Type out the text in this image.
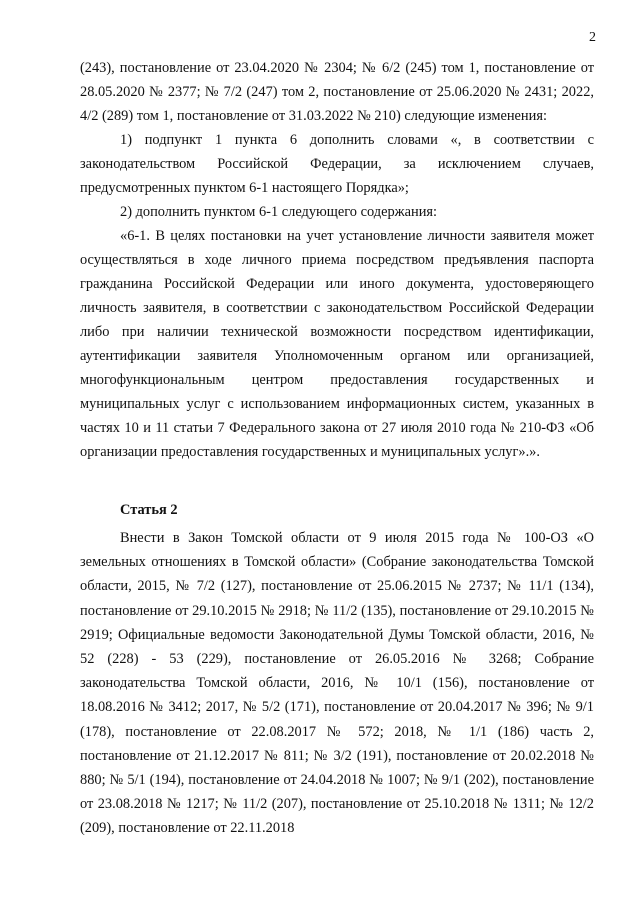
2

(243), постановление от 23.04.2020 № 2304; № 6/2 (245) том 1, постановление от 28.05.2020 № 2377; № 7/2 (247) том 2, постановление от 25.06.2020 № 2431; 2022, 4/2 (289) том 1, постановление от 31.03.2022 № 210) следующие изменения:

1) подпункт 1 пункта 6 дополнить словами «, в соответствии с законодательством Российской Федерации, за исключением случаев, предусмотренных пунктом 6-1 настоящего Порядка»;

2) дополнить пунктом 6-1 следующего содержания:

«6-1. В целях постановки на учет установление личности заявителя может осуществляться в ходе личного приема посредством предъявления паспорта гражданина Российской Федерации или иного документа, удостоверяющего личность заявителя, в соответствии с законодательством Российской Федерации либо при наличии технической возможности посредством идентификации, аутентификации заявителя Уполномоченным органом или организацией, многофункциональным центром предоставления государственных и муниципальных услуг с использованием информационных систем, указанных в частях 10 и 11 статьи 7 Федерального закона от 27 июля 2010 года № 210-ФЗ «Об организации предоставления государственных и муниципальных услуг».».

Статья 2

Внести в Закон Томской области от 9 июля 2015 года № 100-ОЗ «О земельных отношениях в Томской области» (Собрание законодательства Томской области, 2015, № 7/2 (127), постановление от 25.06.2015 № 2737; № 11/1 (134), постановление от 29.10.2015 № 2918; № 11/2 (135), постановление от 29.10.2015 № 2919; Официальные ведомости Законодательной Думы Томской области, 2016, № 52 (228) - 53 (229), постановление от 26.05.2016 № 3268; Собрание законодательства Томской области, 2016, № 10/1 (156), постановление от 18.08.2016 № 3412; 2017, № 5/2 (171), постановление от 20.04.2017 № 396; № 9/1 (178), постановление от 22.08.2017 № 572; 2018, № 1/1 (186) часть 2, постановление от 21.12.2017 № 811; № 3/2 (191), постановление от 20.02.2018 № 880; № 5/1 (194), постановление от 24.04.2018 № 1007; № 9/1 (202), постановление от 23.08.2018 № 1217; № 11/2 (207), постановление от 25.10.2018 № 1311; № 12/2 (209), постановление от 22.11.2018
